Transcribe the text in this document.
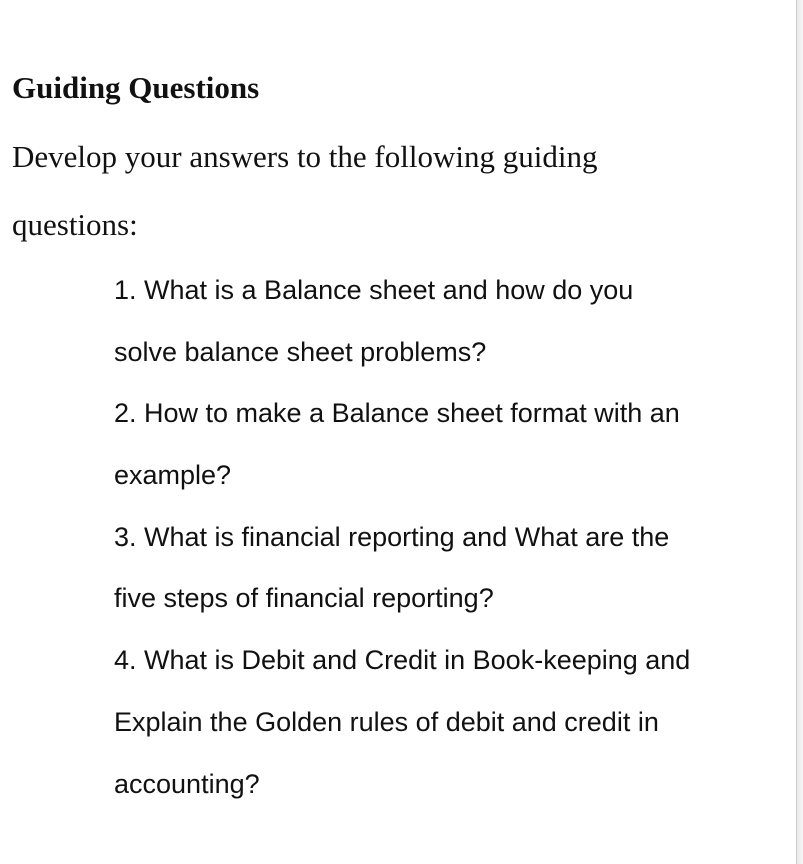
Guiding Questions

Develop your answers to the following guiding
questions:

1. What is a Balance sheet and how do you
solve balance sheet problems?
2. How to make a Balance sheet format with an
example?
3. What is financial reporting and What are the
five steps of financial reporting?
4. What is Debit and Credit in Book-keeping and
Explain the Golden rules of debit and credit in
accounting?
